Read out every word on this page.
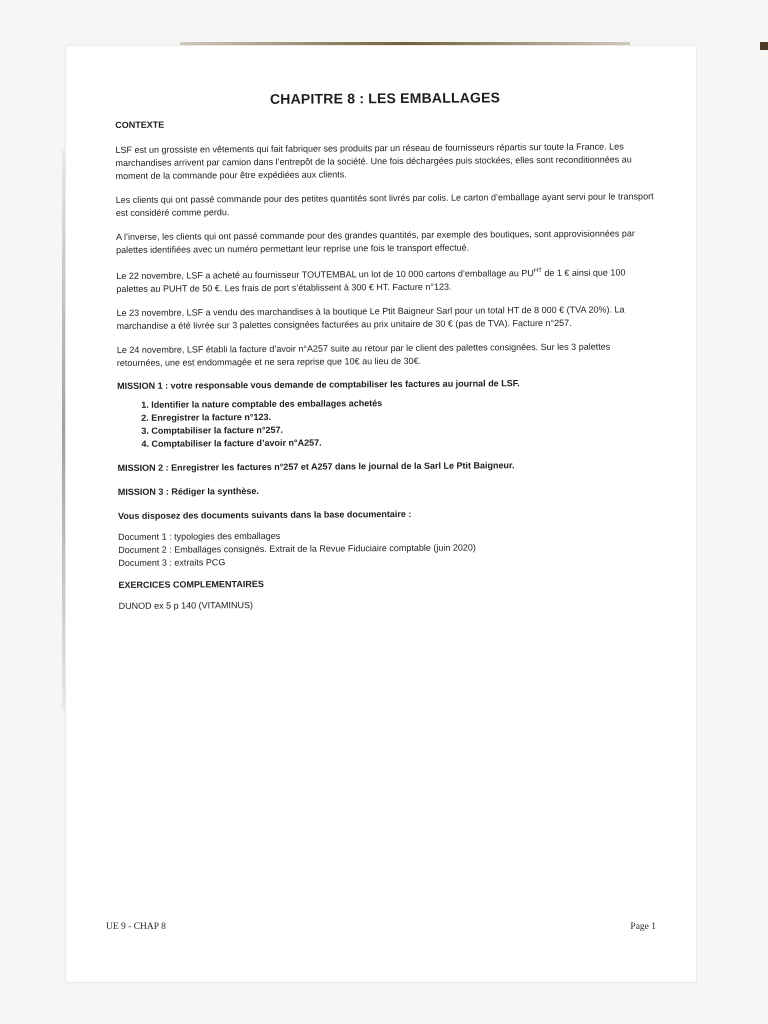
CHAPITRE 8 : LES EMBALLAGES
CONTEXTE

LSF est un grossiste en vêtements qui fait fabriquer ses produits par un réseau de fournisseurs répartis sur toute la France. Les marchandises arrivent par camion dans l’entrepôt de la société. Une fois déchargées puis stockées, elles sont reconditionnées au moment de la commande pour être expédiées aux clients.

Les clients qui ont passé commande pour des petites quantités sont livrés par colis. Le carton d’emballage ayant servi pour le transport est considéré comme perdu.

A l’inverse, les clients qui ont passé commande pour des grandes quantités, par exemple des boutiques, sont approvisionnées par palettes identifiées avec un numéro permettant leur reprise une fois le transport effectué.

Le 22 novembre, LSF a acheté au fournisseur TOUTEMBAL un lot de 10 000 cartons d’emballage au $PU^{HT}$ de 1 € ainsi que 100 palettes au PUHT de 50 €. Les frais de port s’établissent à 300 € HT. Facture n°123.

Le 23 novembre, LSF a vendu des marchandises à la boutique Le Ptit Baigneur Sarl pour un total HT de 8 000 € (TVA 20%). La marchandise a été livrée sur 3 palettes consignées facturées au prix unitaire de 30 € (pas de TVA). Facture n°257.

Le 24 novembre, LSF établi la facture d’avoir n°A257 suite au retour par le client des palettes consignées. Sur les 3 palettes retournées, une est endommagée et ne sera reprise que 10€ au lieu de 30€.

MISSION 1 : votre responsable vous demande de comptabiliser les factures au journal de LSF.
1. Identifier la nature comptable des emballages achetés
2. Enregistrer la facture n°123.
3. Comptabiliser la facture n°257.
4. Comptabiliser la facture d’avoir n°A257.
MISSION 2 : Enregistrer les factures n°257 et A257 dans le journal de la Sarl Le Ptit Baigneur.
MISSION 3 : Rédiger la synthèse.
Vous disposez des documents suivants dans la base documentaire :

Document 1 : typologies des emballages

Document 2 : Emballages consignés. Extrait de la Revue Fiduciaire comptable (juin 2020)

Document 3 : extraits PCG

EXERCICES COMPLEMENTAIRES

DUNOD ex 5 p 140 (VITAMINUS)

UE 9 - CHAP 8	Page 1
